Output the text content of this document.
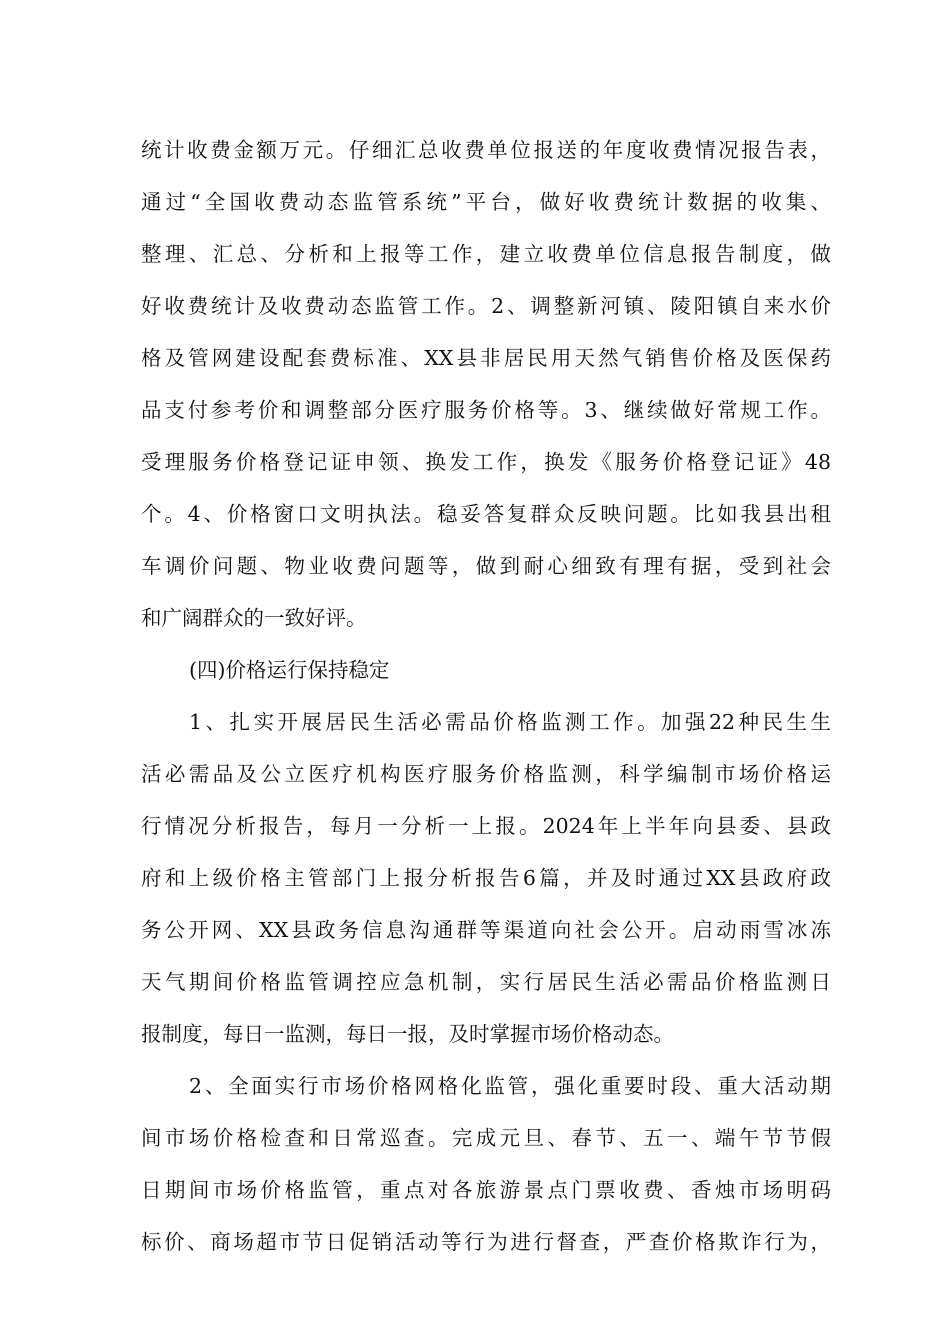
统计收费金额万元。仔细汇总收费单位报送的年度收费情况报告表，
通过“全国收费动态监管系统”平台，做好收费统计数据的收集、
整理、汇总、分析和上报等工作，建立收费单位信息报告制度，做
好收费统计及收费动态监管工作。2、调整新河镇、陵阳镇自来水价
格及管网建设配套费标准、XX县非居民用天然气销售价格及医保药
品支付参考价和调整部分医疗服务价格等。3、继续做好常规工作。
受理服务价格登记证申领、换发工作，换发《服务价格登记证》48
个。4、价格窗口文明执法。稳妥答复群众反映问题。比如我县出租
车调价问题、物业收费问题等，做到耐心细致有理有据，受到社会
和广阔群众的一致好评。
(四)价格运行保持稳定
1、扎实开展居民生活必需品价格监测工作。加强22种民生生
活必需品及公立医疗机构医疗服务价格监测，科学编制市场价格运
行情况分析报告，每月一分析一上报。2024年上半年向县委、县政
府和上级价格主管部门上报分析报告6篇，并及时通过XX县政府政
务公开网、XX县政务信息沟通群等渠道向社会公开。启动雨雪冰冻
天气期间价格监管调控应急机制，实行居民生活必需品价格监测日
报制度，每日一监测，每日一报，及时掌握市场价格动态。
2、全面实行市场价格网格化监管，强化重要时段、重大活动期
间市场价格检查和日常巡查。完成元旦、春节、五一、端午节节假
日期间市场价格监管，重点对各旅游景点门票收费、香烛市场明码
标价、商场超市节日促销活动等行为进行督查，严查价格欺诈行为，
